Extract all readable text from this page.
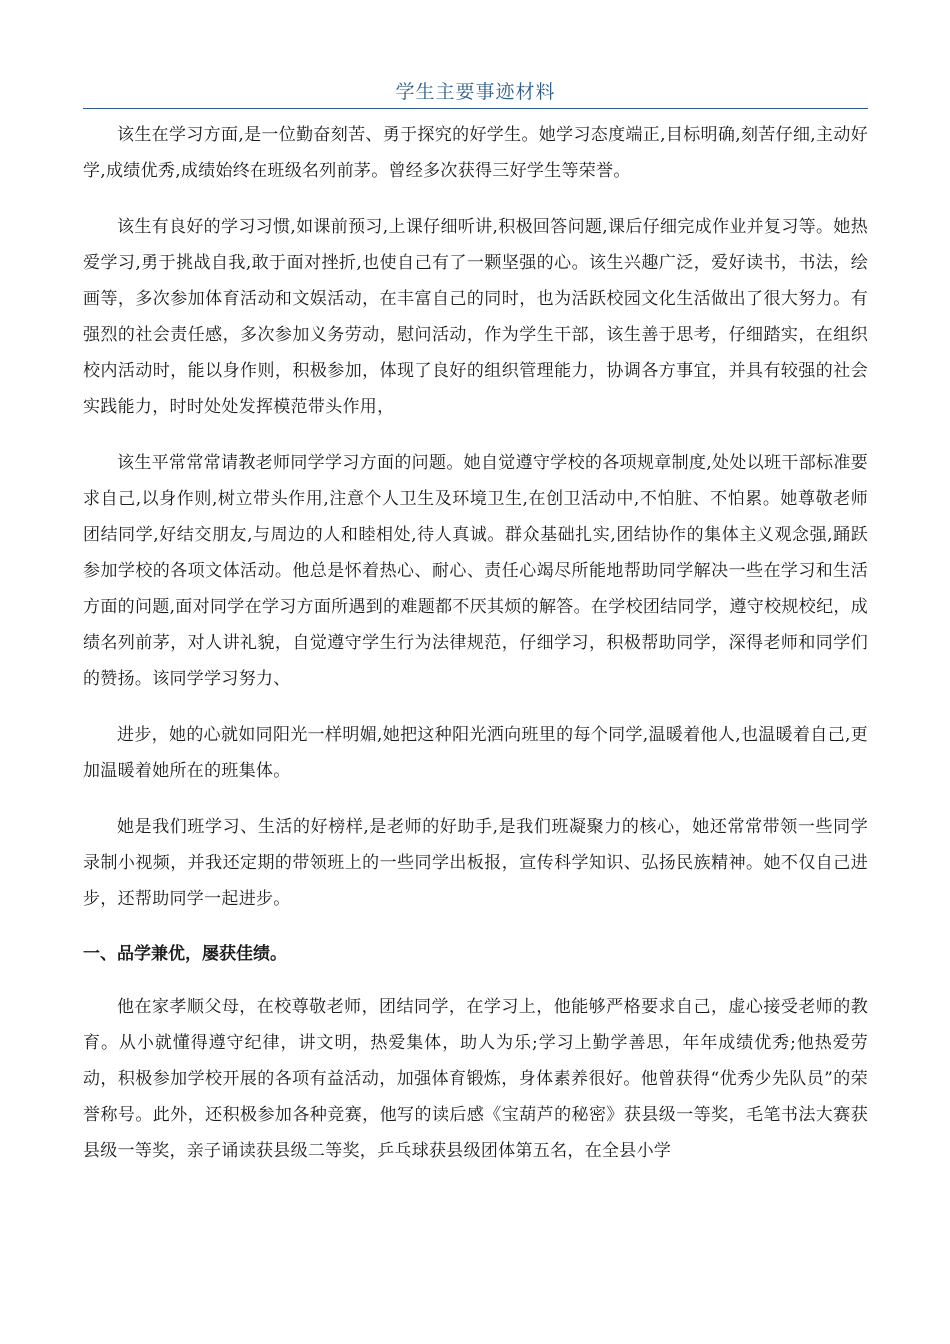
学生主要事迹材料

该生在学习方面,是一位勤奋刻苦、勇于探究的好学生。她学习态度端正,目标明确,刻苦仔细,主动好学,成绩优秀,成绩始终在班级名列前茅。曾经多次获得三好学生等荣誉。

该生有良好的学习习惯,如课前预习,上课仔细听讲,积极回答问题,课后仔细完成作业并复习等。她热爱学习,勇于挑战自我,敢于面对挫折,也使自己有了一颗坚强的心。该生兴趣广泛，爱好读书，书法，绘画等，多次参加体育活动和文娱活动，在丰富自己的同时，也为活跃校园文化生活做出了很大努力。有强烈的社会责任感，多次参加义务劳动，慰问活动，作为学生干部，该生善于思考，仔细踏实，在组织校内活动时，能以身作则，积极参加，体现了良好的组织管理能力，协调各方事宜，并具有较强的社会实践能力，时时处处发挥模范带头作用，

该生平常常常请教老师同学学习方面的问题。她自觉遵守学校的各项规章制度,处处以班干部标准要求自己,以身作则,树立带头作用,注意个人卫生及环境卫生,在创卫活动中,不怕脏、不怕累。她尊敬老师团结同学,好结交朋友,与周边的人和睦相处,待人真诚。群众基础扎实,团结协作的集体主义观念强,踊跃参加学校的各项文体活动。他总是怀着热心、耐心、责任心竭尽所能地帮助同学解决一些在学习和生活方面的问题,面对同学在学习方面所遇到的难题都不厌其烦的解答。在学校团结同学，遵守校规校纪，成绩名列前茅，对人讲礼貌，自觉遵守学生行为法律规范，仔细学习，积极帮助同学，深得老师和同学们的赞扬。该同学学习努力、

进步，她的心就如同阳光一样明媚,她把这种阳光洒向班里的每个同学,温暖着他人,也温暖着自己,更加温暖着她所在的班集体。

她是我们班学习、生活的好榜样,是老师的好助手,是我们班凝聚力的核心，她还常常带领一些同学录制小视频，并我还定期的带领班上的一些同学出板报，宣传科学知识、弘扬民族精神。她不仅自己进步，还帮助同学一起进步。

一、品学兼优，屡获佳绩。

他在家孝顺父母，在校尊敬老师，团结同学，在学习上，他能够严格要求自己，虚心接受老师的教育。从小就懂得遵守纪律，讲文明，热爱集体，助人为乐;学习上勤学善思，年年成绩优秀;他热爱劳动，积极参加学校开展的各项有益活动，加强体育锻炼，身体素养很好。他曾获得“优秀少先队员”的荣誉称号。此外，还积极参加各种竞赛，他写的读后感《宝葫芦的秘密》获县级一等奖，毛笔书法大赛获县级一等奖，亲子诵读获县级二等奖，乒乓球获县级团体第五名，在全县小学
